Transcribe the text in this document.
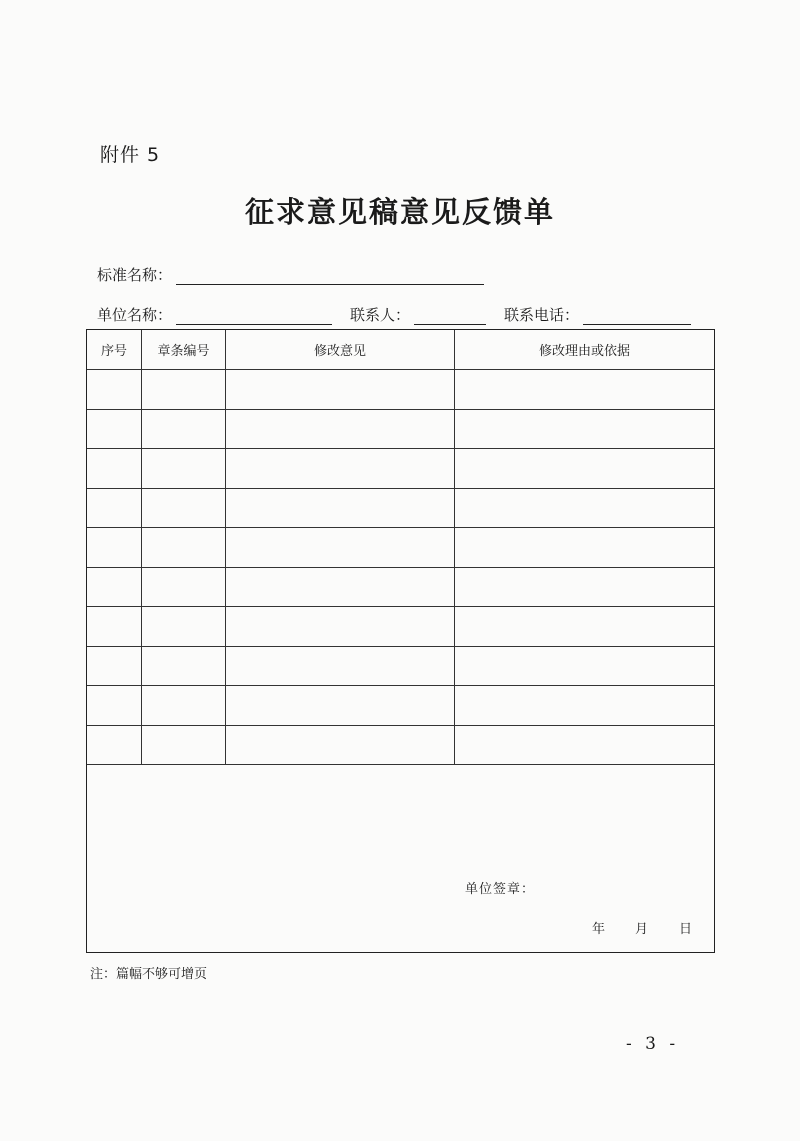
附件 5
征求意见稿意见反馈单
标准名称：
单位名称：	联系人：	联系电话：
序号	章条编号	修改意见	修改理由或依据
单位签章：
年 月 日
注：篇幅不够可增页
- 3 -
